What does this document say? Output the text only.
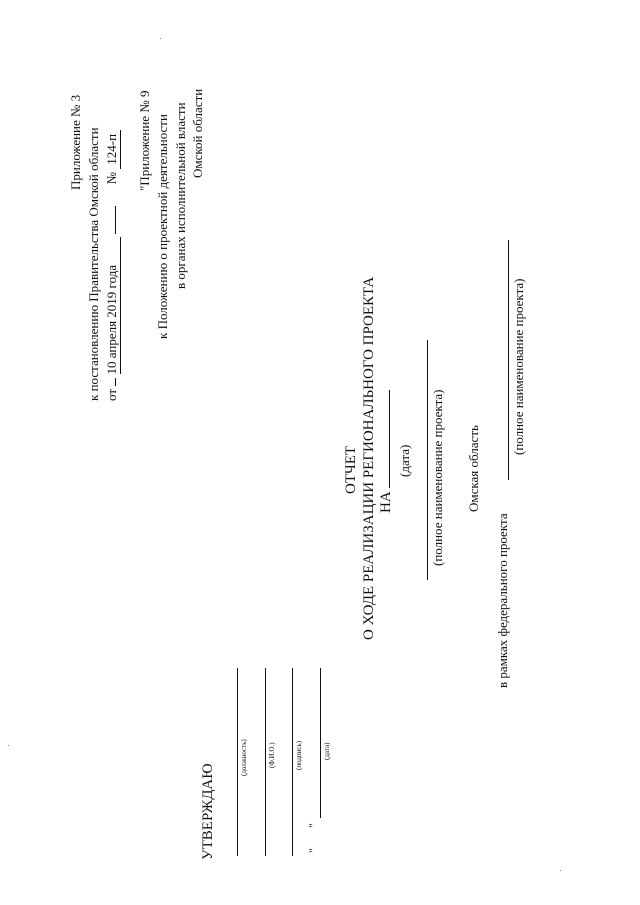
Приложение № 3 к постановлению Правительства Омской области от  10 апреля 2019 года  № 124-п "Приложение № 9 к Положению о проектной деятельности в органах исполнительной власти Омской области
ОТЧЕТ О ХОДЕ РЕАЛИЗАЦИИ РЕГИОНАЛЬНОГО ПРОЕКТА НА
(дата) (полное наименование проекта) Омская область
в рамках федерального проекта
(полное наименование проекта)
УТВЕРЖДАЮ
(должность)	(Ф.И.О.)	(подпись)
"
"
(дата)
